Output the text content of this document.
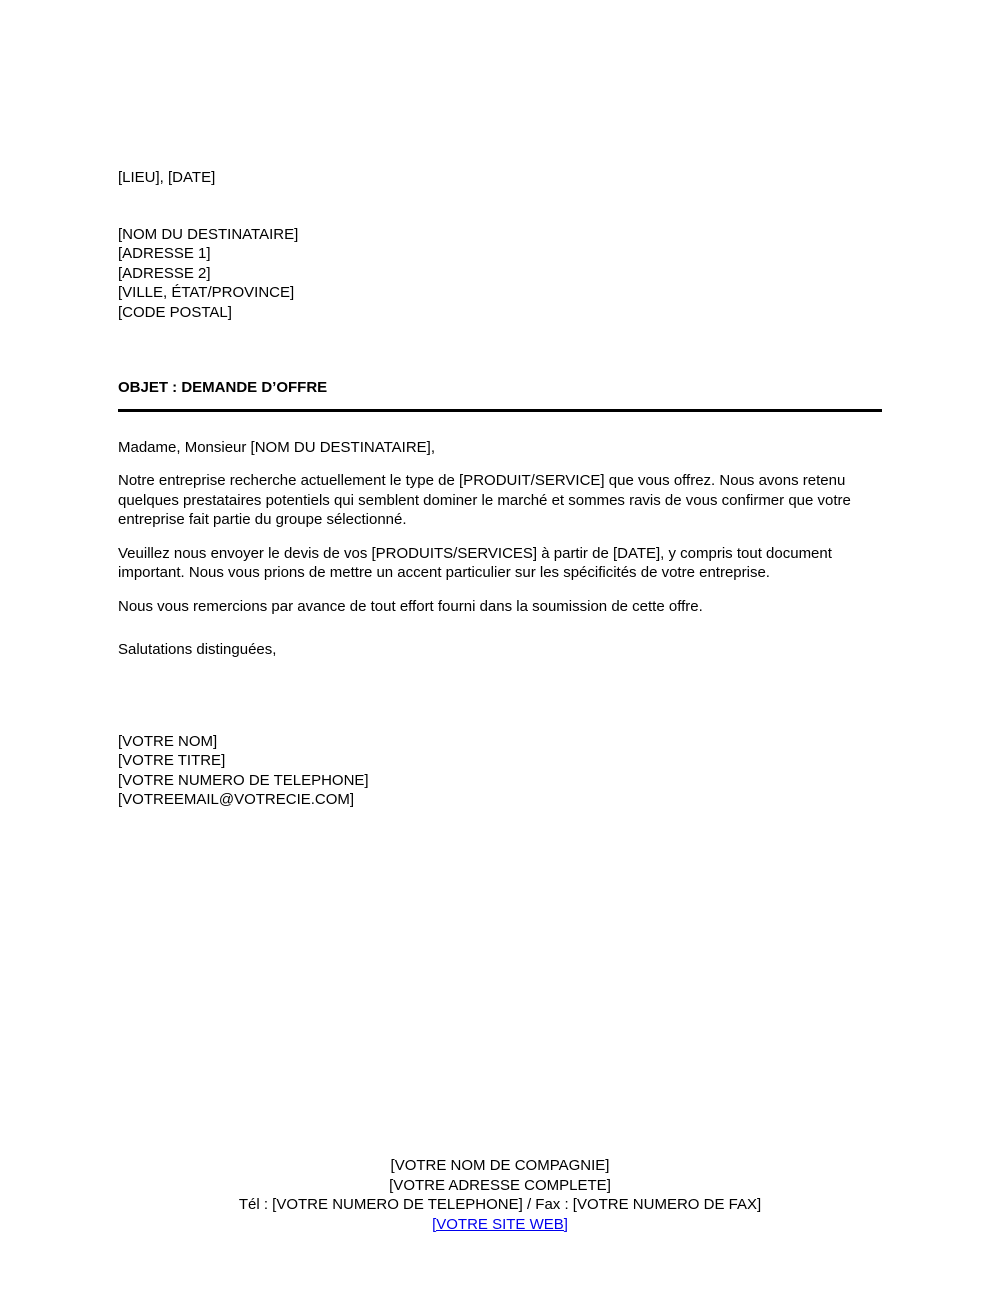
[LIEU], [DATE]
[NOM DU DESTINATAIRE]
[ADRESSE 1]
[ADRESSE 2]
[VILLE, ÉTAT/PROVINCE]
[CODE POSTAL]
OBJET : DEMANDE D’OFFRE
Madame, Monsieur [NOM DU DESTINATAIRE],

Notre entreprise recherche actuellement le type de [PRODUIT/SERVICE] que vous offrez. Nous avons retenu quelques prestataires potentiels qui semblent dominer le marché et sommes ravis de vous confirmer que votre entreprise fait partie du groupe sélectionné.

Veuillez nous envoyer le devis de vos [PRODUITS/SERVICES] à partir de [DATE], y compris tout document important. Nous vous prions de mettre un accent particulier sur les spécificités de votre entreprise.

Nous vous remercions par avance de tout effort fourni dans la soumission de cette offre.

Salutations distinguées,
[VOTRE NOM]
[VOTRE TITRE]
[VOTRE NUMERO DE TELEPHONE]
[VOTREEMAIL@VOTRECIE.COM]
[VOTRE NOM DE COMPAGNIE]
[VOTRE ADRESSE COMPLETE]
Tél : [VOTRE NUMERO DE TELEPHONE] / Fax : [VOTRE NUMERO DE FAX]
[VOTRE SITE WEB]
